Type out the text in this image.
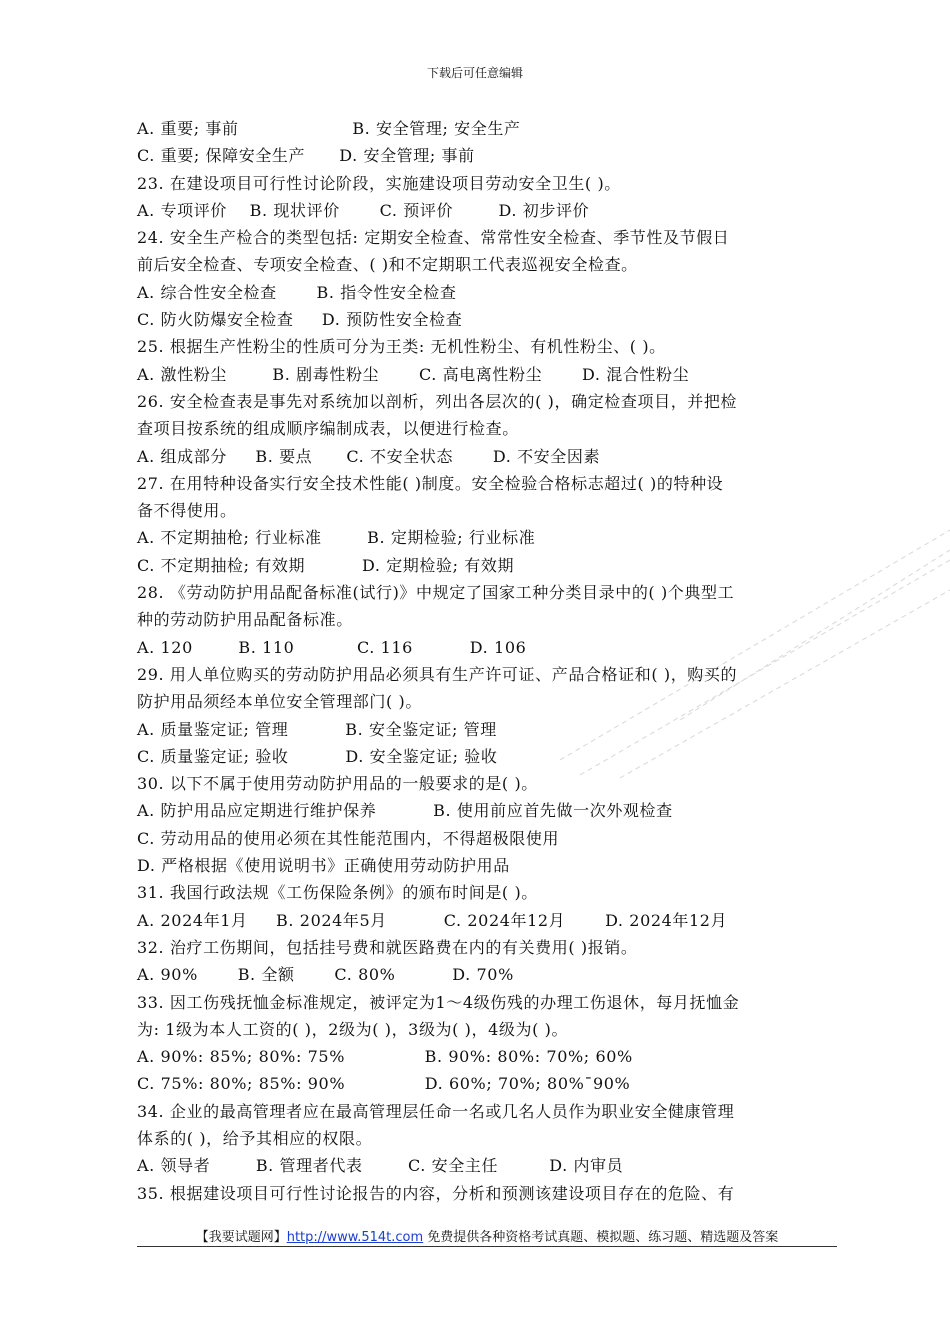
下载后可任意编辑
A. 重要; 事前                    B. 安全管理; 安全生产
C. 重要; 保障安全生产      D. 安全管理; 事前
23. 在建设项目可行性讨论阶段，实施建设项目劳动安全卫生( )。
A. 专项评价    B. 现状评价       C. 预评价        D. 初步评价
24. 安全生产检合的类型包括: 定期安全检查、常常性安全检查、季节性及节假日
前后安全检查、专项安全检查、( )和不定期职工代表巡视安全检查。
A. 综合性安全检查       B. 指令性安全检查
C. 防火防爆安全检查     D. 预防性安全检查
25. 根据生产性粉尘的性质可分为王类: 无机性粉尘、有机性粉尘、( )。
A. 激性粉尘        B. 剧毒性粉尘       C. 高电离性粉尘       D. 混合性粉尘
26. 安全检查表是事先对系统加以剖析，列出各层次的( )，确定检查项目，并把检
查项目按系统的组成顺序编制成表，以便进行检查。
A. 组成部分     B. 要点      C. 不安全状态       D. 不安全因素
27. 在用特种设备实行安全技术性能( )制度。安全检验合格标志超过( )的特种设
备不得使用。
A. 不定期抽枪; 行业标准        B. 定期检验; 行业标准
C. 不定期抽检; 有效期          D. 定期检验; 有效期
28. 《劳动防护用品配备标准(试行)》中规定了国家工种分类目录中的( )个典型工
种的劳动防护用品配备标准。
A. 120        B. 110           C. 116          D. 106
29. 用人单位购买的劳动防护用品必须具有生产许可证、产品合格证和( )，购买的
防护用品须经本单位安全管理部门( )。
A. 质量鉴定证; 管理          B. 安全鉴定证; 管理
C. 质量鉴定证; 验收          D. 安全鉴定证; 验收
30. 以下不属于使用劳动防护用品的一般要求的是( )。
A. 防护用品应定期进行维护保养          B. 使用前应首先做一次外观检查
C. 劳动用品的使用必须在其性能范围内，不得超极限使用
D. 严格根据《使用说明书》正确使用劳动防护用品
31. 我国行政法规《工伤保险条例》的颁布时间是( )。
A. 2024年1月     B. 2024年5月          C. 2024年12月       D. 2024年12月
32. 治疗工伤期间，包括挂号费和就医路费在内的有关费用( )报销。
A. 90%       B. 全额       C. 80%          D. 70%
33. 因工伤残抚恤金标准规定，被评定为1～4级伤残的办理工伤退休，每月抚恤金
为: 1级为本人工资的( )，2级为( )，3级为( )，4级为( )。
A. 90%: 85%; 80%: 75%              B. 90%: 80%: 70%; 60%
C. 75%: 80%; 85%: 90%              D. 60%; 70%; 80%¯90%
34. 企业的最高管理者应在最高管理层任命一名或几名人员作为职业安全健康管理
体系的( )，给予其相应的权限。
A. 领导者        B. 管理者代表        C. 安全主任         D. 内审员
35. 根据建设项目可行性讨论报告的内容，分析和预测该建设项目存在的危险、有
【我要试题网】http://www.514t.com 免费提供各种资格考试真题、模拟题、练习题、精选题及答案
